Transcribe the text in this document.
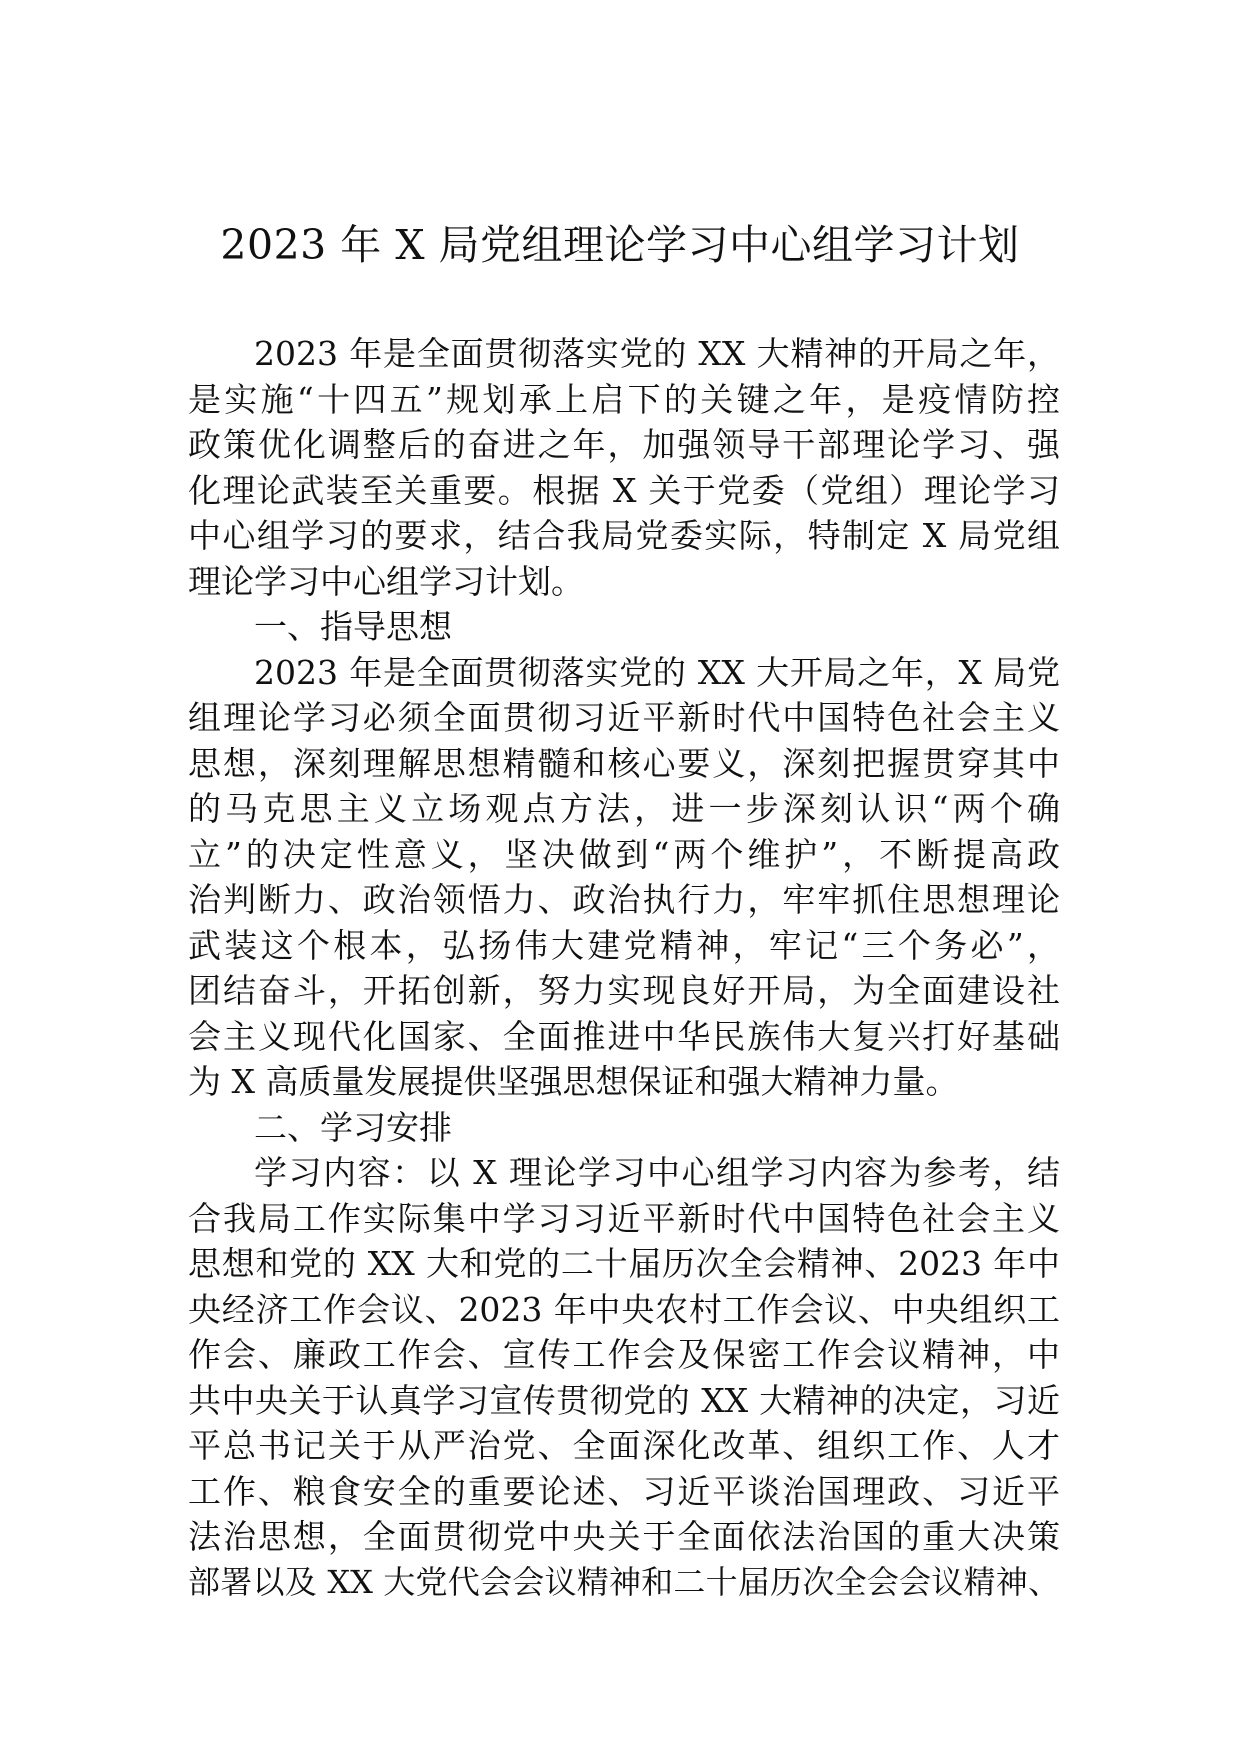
2023 年 X 局党组理论学习中心组学习计划
2023 年是全面贯彻落实党的 XX 大精神的开局之年，
是实施“十四五”规划承上启下的关键之年，是疫情防控
政策优化调整后的奋进之年，加强领导干部理论学习、强
化理论武装至关重要。根据 X 关于党委（党组）理论学习
中心组学习的要求，结合我局党委实际，特制定 X 局党组
理论学习中心组学习计划。
一、指导思想
2023 年是全面贯彻落实党的 XX 大开局之年，X 局党
组理论学习必须全面贯彻习近平新时代中国特色社会主义
思想，深刻理解思想精髓和核心要义，深刻把握贯穿其中
的马克思主义立场观点方法，进一步深刻认识“两个确
立”的决定性意义，坚决做到“两个维护”，不断提高政
治判断力、政治领悟力、政治执行力，牢牢抓住思想理论
武装这个根本，弘扬伟大建党精神，牢记“三个务必”，
团结奋斗，开拓创新，努力实现良好开局，为全面建设社
会主义现代化国家、全面推进中华民族伟大复兴打好基础
为 X 高质量发展提供坚强思想保证和强大精神力量。
二、学习安排
学习内容：以 X 理论学习中心组学习内容为参考，结
合我局工作实际集中学习习近平新时代中国特色社会主义
思想和党的 XX 大和党的二十届历次全会精神、2023 年中
央经济工作会议、2023 年中央农村工作会议、中央组织工
作会、廉政工作会、宣传工作会及保密工作会议精神，中
共中央关于认真学习宣传贯彻党的 XX 大精神的决定，习近
平总书记关于从严治党、全面深化改革、组织工作、人才
工作、粮食安全的重要论述、习近平谈治国理政、习近平
法治思想，全面贯彻党中央关于全面依法治国的重大决策
部署以及 XX 大党代会会议精神和二十届历次全会会议精神、
